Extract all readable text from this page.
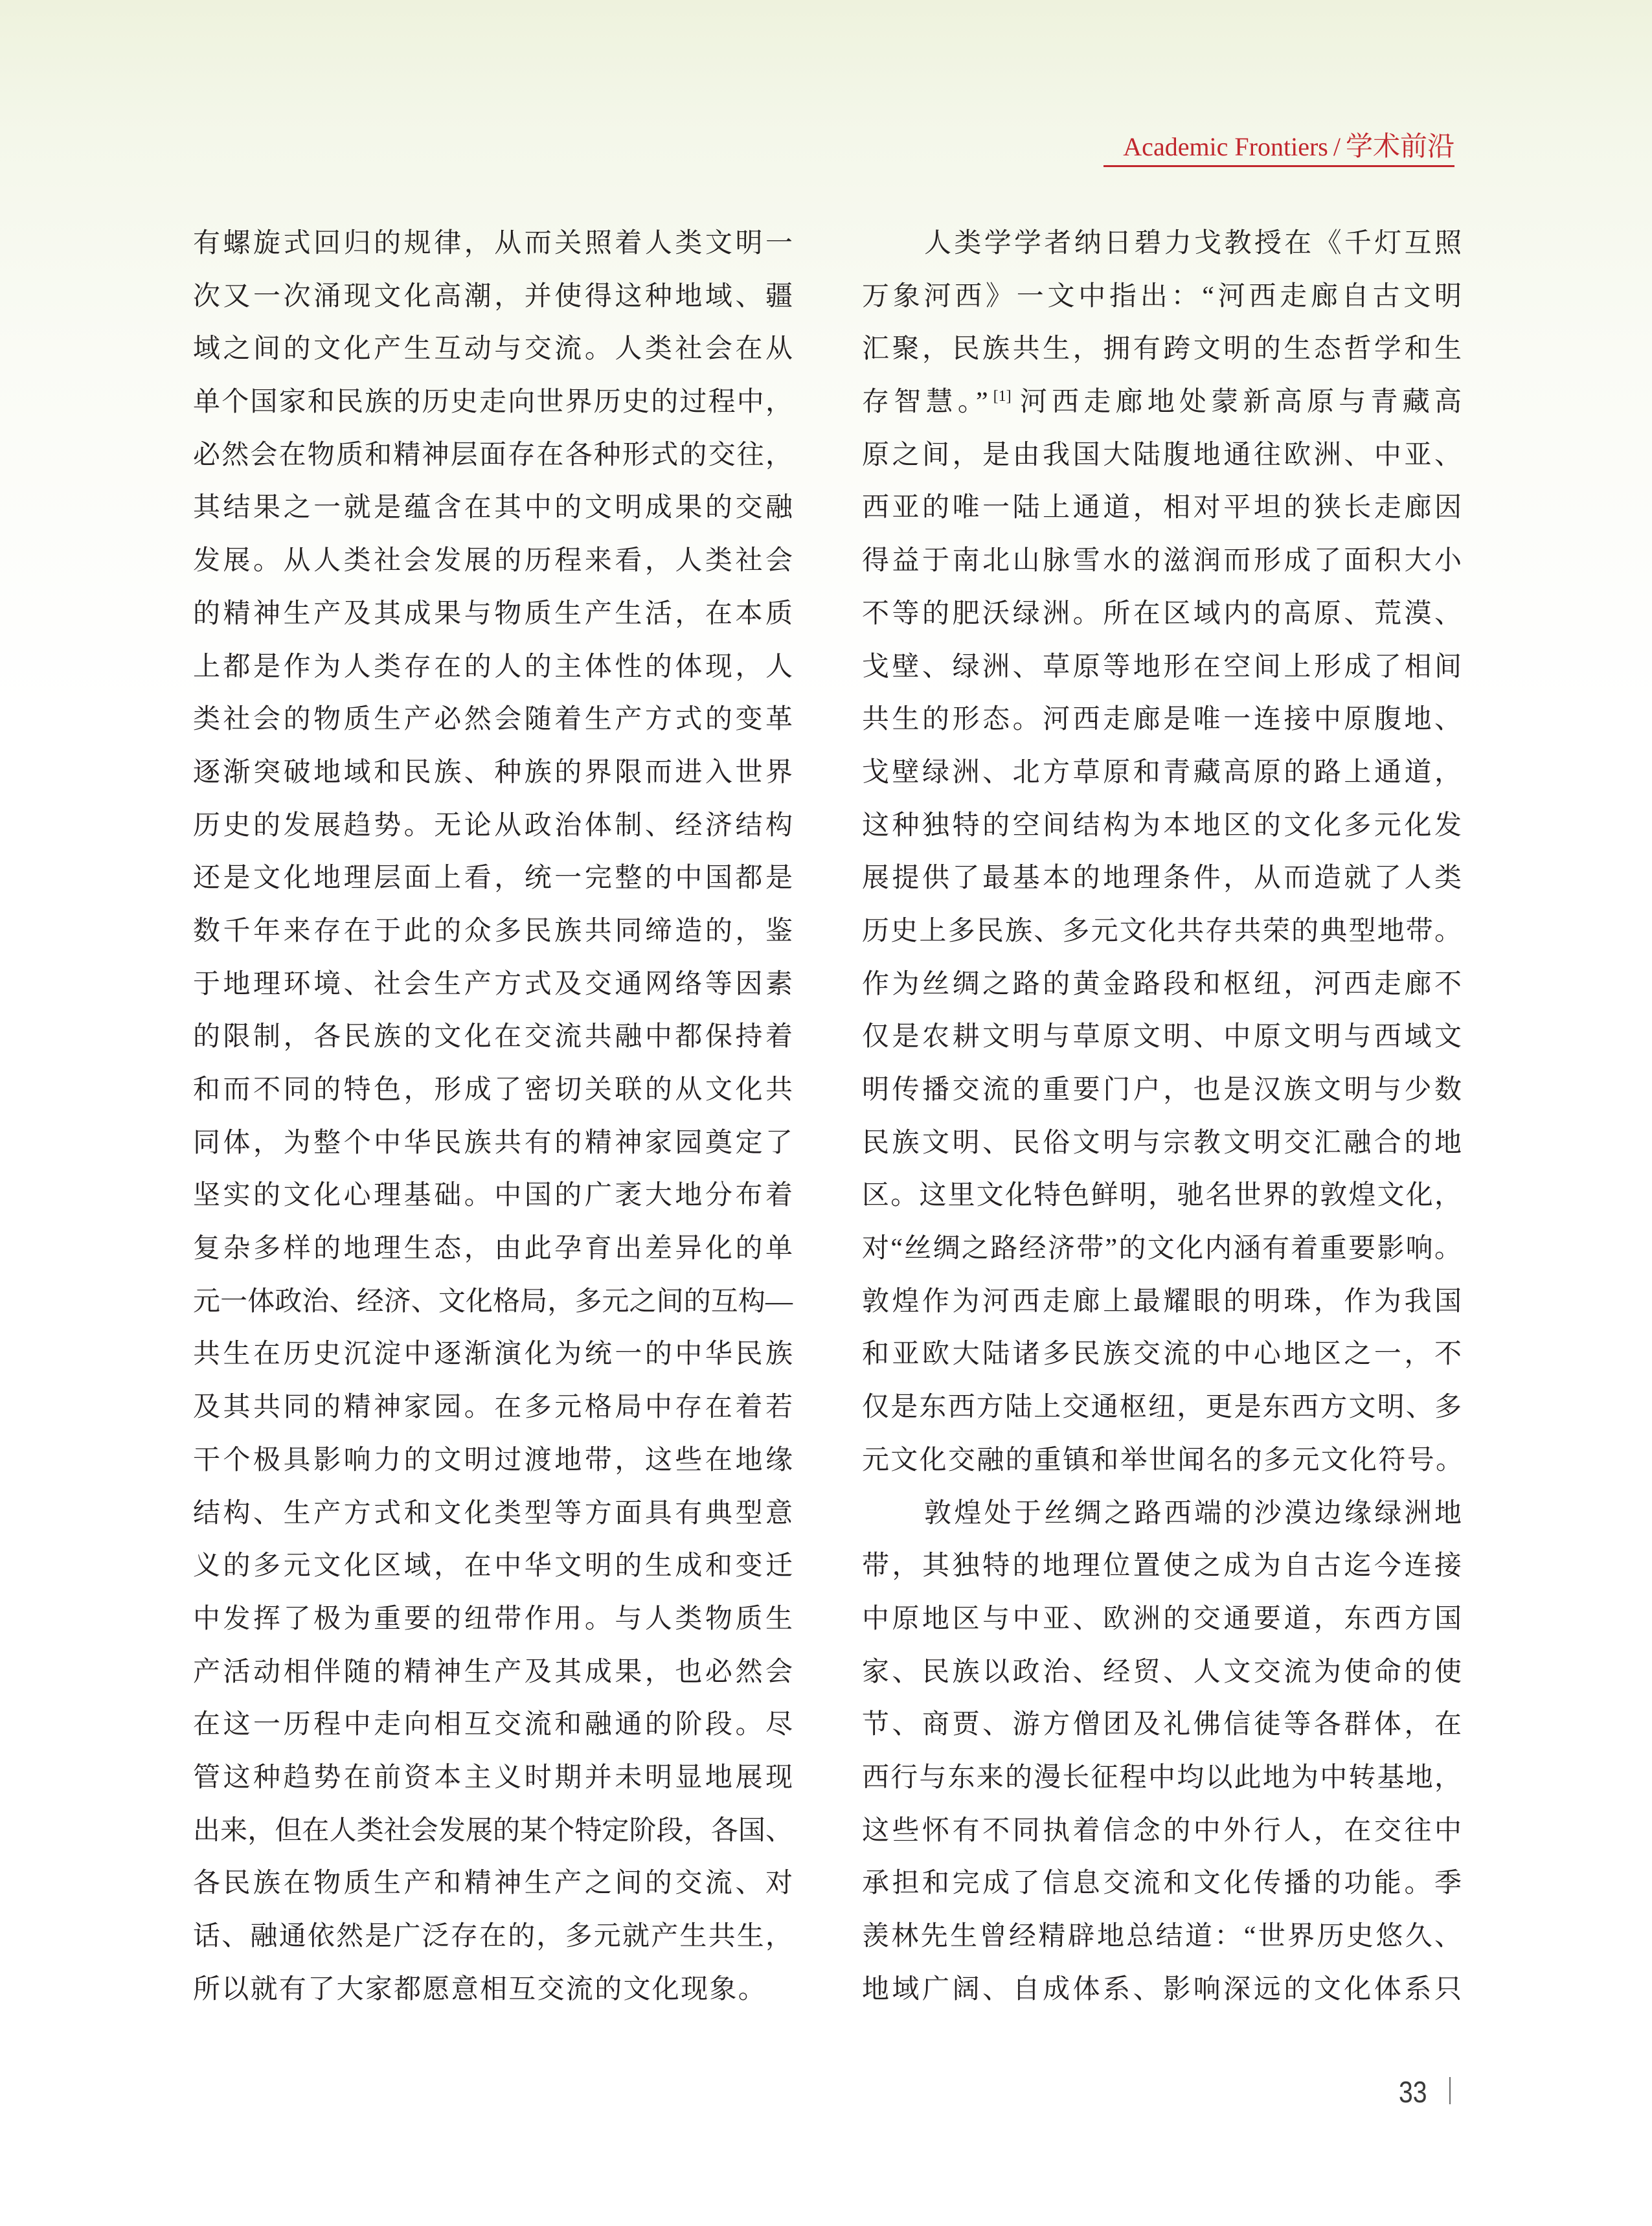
Academic Frontiers / 学术前沿
有螺旋式回归的规律，从而关照着人类文明一
次又一次涌现文化高潮，并使得这种地域、疆
域之间的文化产生互动与交流。人类社会在从
单个国家和民族的历史走向世界历史的过程中，
必然会在物质和精神层面存在各种形式的交往，
其结果之一就是蕴含在其中的文明成果的交融
发展。从人类社会发展的历程来看，人类社会
的精神生产及其成果与物质生产生活，在本质
上都是作为人类存在的人的主体性的体现，人
类社会的物质生产必然会随着生产方式的变革
逐渐突破地域和民族、种族的界限而进入世界
历史的发展趋势。无论从政治体制、经济结构
还是文化地理层面上看，统一完整的中国都是
数千年来存在于此的众多民族共同缔造的，鉴
于地理环境、社会生产方式及交通网络等因素
的限制，各民族的文化在交流共融中都保持着
和而不同的特色，形成了密切关联的从文化共
同体，为整个中华民族共有的精神家园奠定了
坚实的文化心理基础。中国的广袤大地分布着
复杂多样的地理生态，由此孕育出差异化的单
元一体政治、经济、文化格局，多元之间的互构—
共生在历史沉淀中逐渐演化为统一的中华民族
及其共同的精神家园。在多元格局中存在着若
干个极具影响力的文明过渡地带，这些在地缘
结构、生产方式和文化类型等方面具有典型意
义的多元文化区域，在中华文明的生成和变迁
中发挥了极为重要的纽带作用。与人类物质生
产活动相伴随的精神生产及其成果，也必然会
在这一历程中走向相互交流和融通的阶段。尽
管这种趋势在前资本主义时期并未明显地展现
出来，但在人类社会发展的某个特定阶段，各国、
各民族在物质生产和精神生产之间的交流、对
话、融通依然是广泛存在的，多元就产生共生，
所以就有了大家都愿意相互交流的文化现象。
人类学学者纳日碧力戈教授在《千灯互照
万象河西》一文中指出：“河西走廊自古文明
汇聚，民族共生，拥有跨文明的生态哲学和生
存智慧。” [1] 河西走廊地处蒙新高原与青藏高
原之间，是由我国大陆腹地通往欧洲、中亚、
西亚的唯一陆上通道，相对平坦的狭长走廊因
得益于南北山脉雪水的滋润而形成了面积大小
不等的肥沃绿洲。所在区域内的高原、荒漠、
戈壁、绿洲、草原等地形在空间上形成了相间
共生的形态。河西走廊是唯一连接中原腹地、
戈壁绿洲、北方草原和青藏高原的路上通道，
这种独特的空间结构为本地区的文化多元化发
展提供了最基本的地理条件，从而造就了人类
历史上多民族、多元文化共存共荣的典型地带。
作为丝绸之路的黄金路段和枢纽，河西走廊不
仅是农耕文明与草原文明、中原文明与西域文
明传播交流的重要门户，也是汉族文明与少数
民族文明、民俗文明与宗教文明交汇融合的地
区。这里文化特色鲜明，驰名世界的敦煌文化，
对“丝绸之路经济带”的文化内涵有着重要影响。
敦煌作为河西走廊上最耀眼的明珠，作为我国
和亚欧大陆诸多民族交流的中心地区之一，不
仅是东西方陆上交通枢纽，更是东西方文明、多
元文化交融的重镇和举世闻名的多元文化符号。
敦煌处于丝绸之路西端的沙漠边缘绿洲地
带，其独特的地理位置使之成为自古迄今连接
中原地区与中亚、欧洲的交通要道，东西方国
家、民族以政治、经贸、人文交流为使命的使
节、商贾、游方僧团及礼佛信徒等各群体，在
西行与东来的漫长征程中均以此地为中转基地，
这些怀有不同执着信念的中外行人，在交往中
承担和完成了信息交流和文化传播的功能。季
羡林先生曾经精辟地总结道：“世界历史悠久、
地域广阔、自成体系、影响深远的文化体系只
33
